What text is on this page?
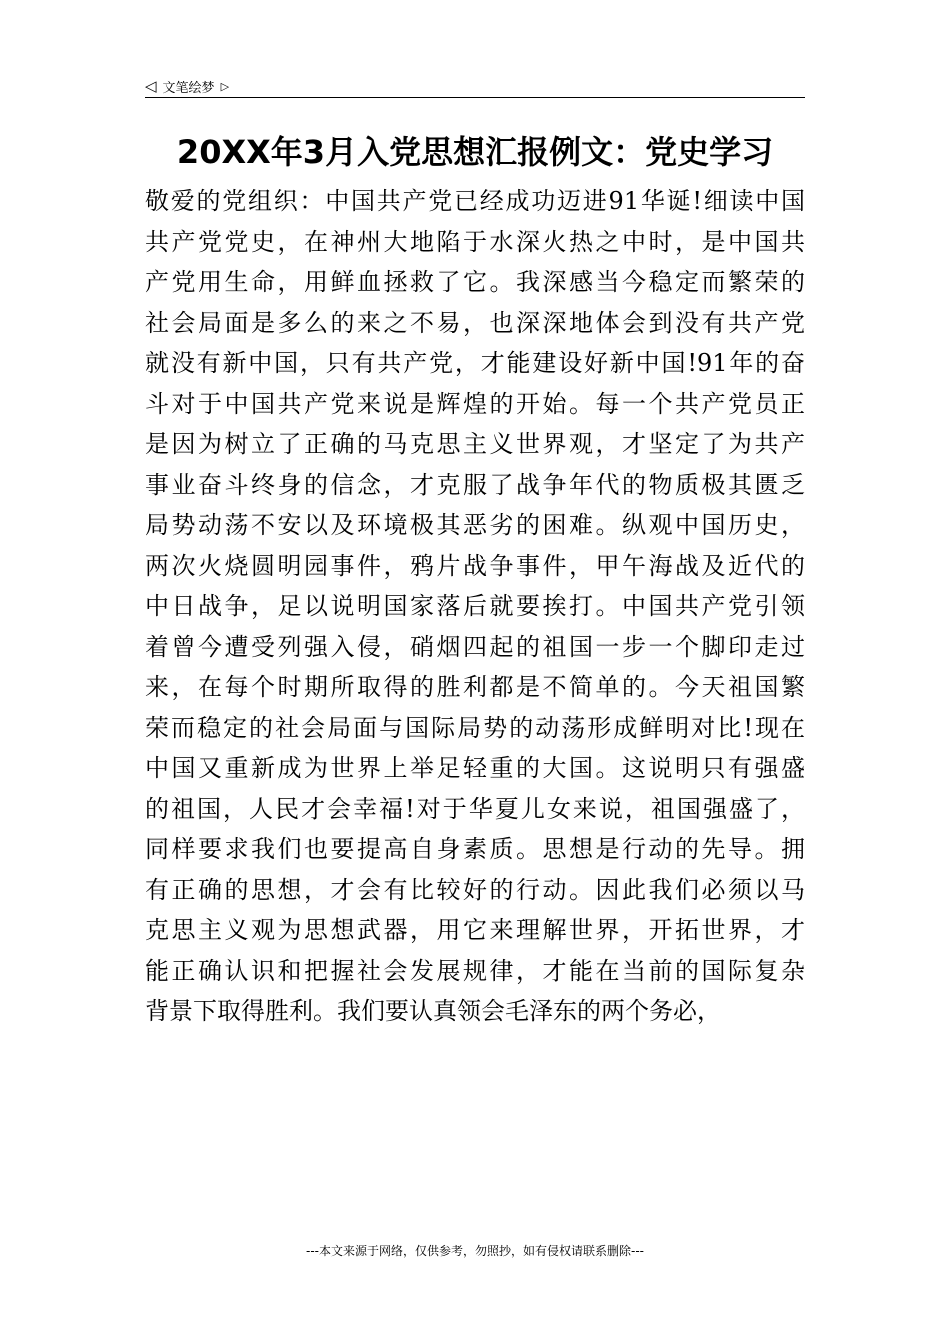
◁ 文笔绘梦 ▷
20XX年3月入党思想汇报例文：党史学习
敬爱的党组织：中国共产党已经成功迈进91华诞!细读中国
共产党党史，在神州大地陷于水深火热之中时，是中国共
产党用生命，用鲜血拯救了它。我深感当今稳定而繁荣的
社会局面是多么的来之不易，也深深地体会到没有共产党
就没有新中国，只有共产党，才能建设好新中国!91年的奋
斗对于中国共产党来说是辉煌的开始。每一个共产党员正
是因为树立了正确的马克思主义世界观，才坚定了为共产
事业奋斗终身的信念，才克服了战争年代的物质极其匮乏
局势动荡不安以及环境极其恶劣的困难。纵观中国历史，
两次火烧圆明园事件，鸦片战争事件，甲午海战及近代的
中日战争，足以说明国家落后就要挨打。中国共产党引领
着曾今遭受列强入侵，硝烟四起的祖国一步一个脚印走过
来，在每个时期所取得的胜利都是不简单的。今天祖国繁
荣而稳定的社会局面与国际局势的动荡形成鲜明对比!现在
中国又重新成为世界上举足轻重的大国。这说明只有强盛
的祖国，人民才会幸福!对于华夏儿女来说，祖国强盛了，
同样要求我们也要提高自身素质。思想是行动的先导。拥
有正确的思想，才会有比较好的行动。因此我们必须以马
克思主义观为思想武器，用它来理解世界，开拓世界，才
能正确认识和把握社会发展规律，才能在当前的国际复杂
背景下取得胜利。我们要认真领会毛泽东的两个务必，
---本文来源于网络，仅供参考，勿照抄，如有侵权请联系删除---
